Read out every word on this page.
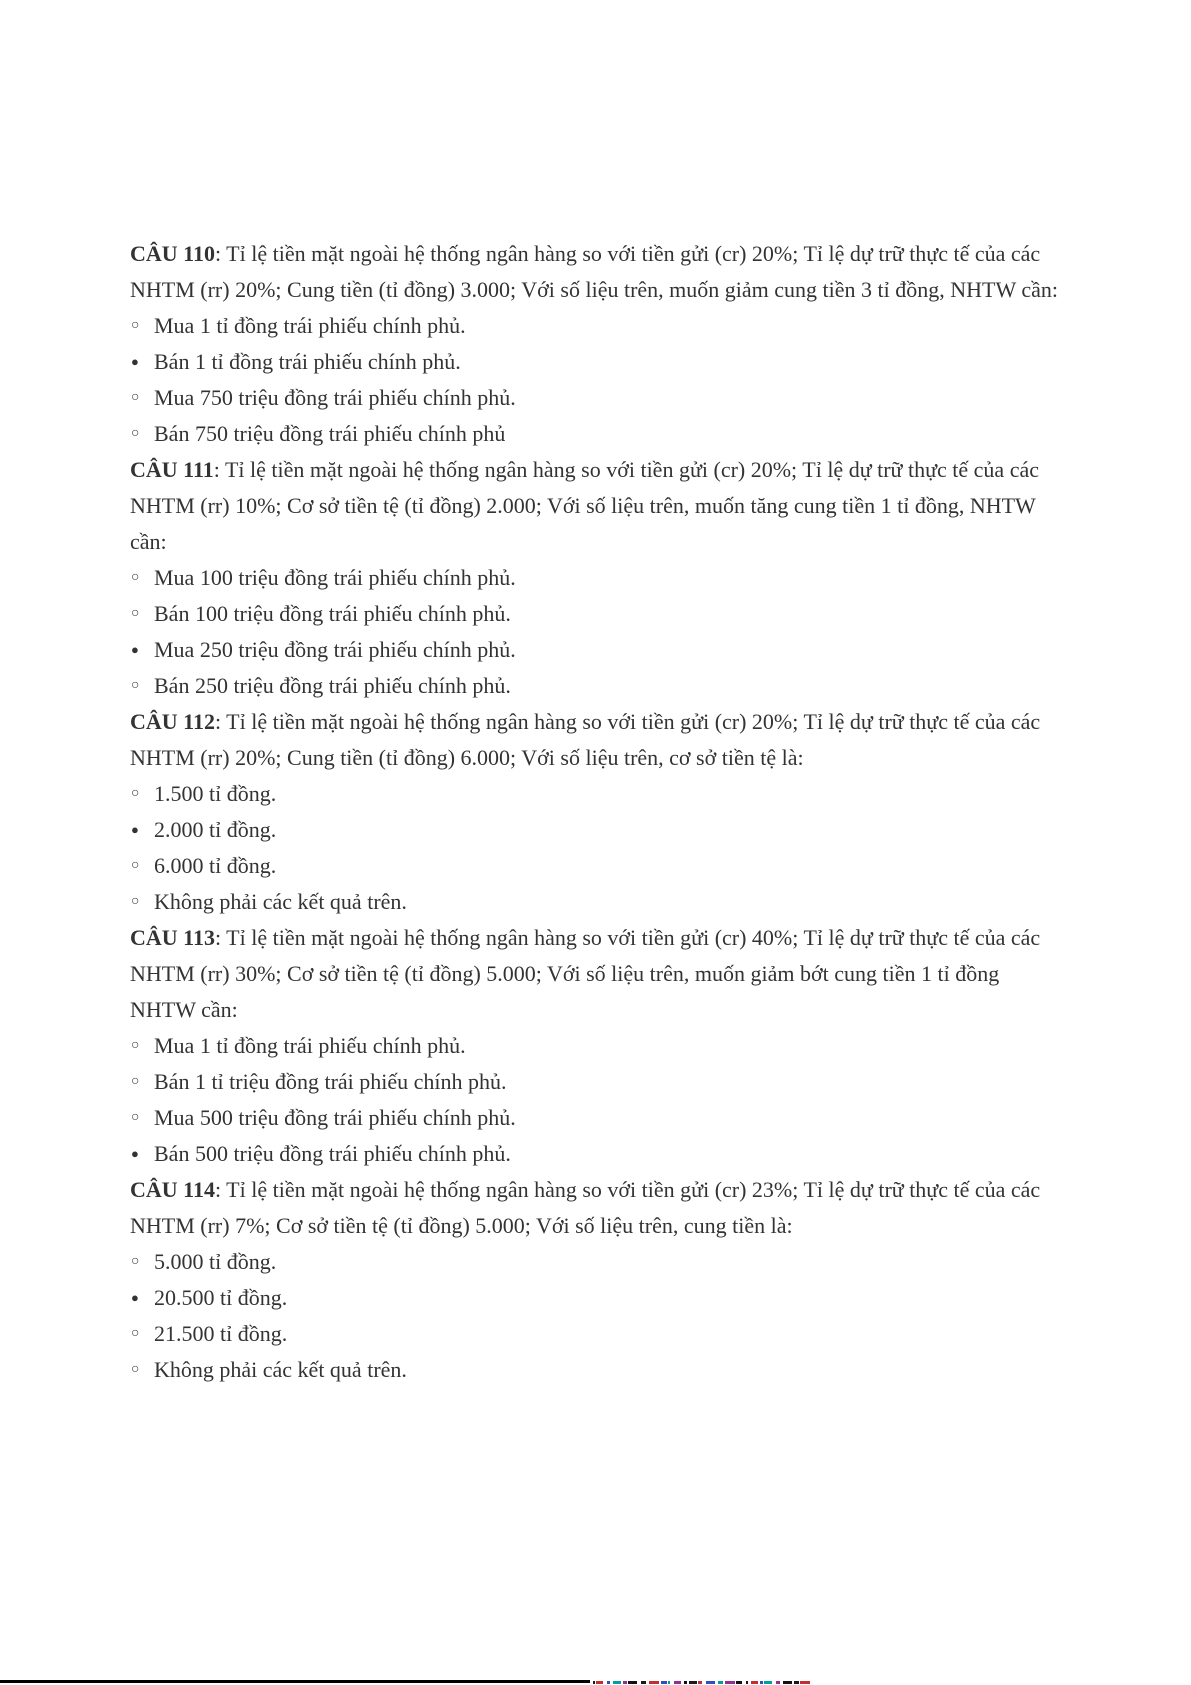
CÂU 110: Tỉ lệ tiền mặt ngoài hệ thống ngân hàng so với tiền gửi (cr) 20%; Tỉ lệ dự trữ thực tế của các
NHTM (rr) 20%; Cung tiền (tỉ đồng) 3.000; Với số liệu trên, muốn giảm cung tiền 3 tỉ đồng, NHTW cần:
○ Mua 1 tỉ đồng trái phiếu chính phủ.
● Bán 1 tỉ đồng trái phiếu chính phủ.
○ Mua 750 triệu đồng trái phiếu chính phủ.
○ Bán 750 triệu đồng trái phiếu chính phủ
CÂU 111: Tỉ lệ tiền mặt ngoài hệ thống ngân hàng so với tiền gửi (cr) 20%; Tỉ lệ dự trữ thực tế của các
NHTM (rr) 10%; Cơ sở tiền tệ (tỉ đồng) 2.000; Với số liệu trên, muốn tăng cung tiền 1 tỉ đồng, NHTW
cần:
○ Mua 100 triệu đồng trái phiếu chính phủ.
○ Bán 100 triệu đồng trái phiếu chính phủ.
● Mua 250 triệu đồng trái phiếu chính phủ.
○ Bán 250 triệu đồng trái phiếu chính phủ.
CÂU 112: Tỉ lệ tiền mặt ngoài hệ thống ngân hàng so với tiền gửi (cr) 20%; Tỉ lệ dự trữ thực tế của các
NHTM (rr) 20%; Cung tiền (tỉ đồng) 6.000; Với số liệu trên, cơ sở tiền tệ là:
○ 1.500 tỉ đồng.
● 2.000 tỉ đồng.
○ 6.000 tỉ đồng.
○ Không phải các kết quả trên.
CÂU 113: Tỉ lệ tiền mặt ngoài hệ thống ngân hàng so với tiền gửi (cr) 40%; Tỉ lệ dự trữ thực tế của các
NHTM (rr) 30%; Cơ sở tiền tệ (tỉ đồng) 5.000; Với số liệu trên, muốn giảm bớt cung tiền 1 tỉ đồng
NHTW cần:
○ Mua 1 tỉ đồng trái phiếu chính phủ.
○ Bán 1 tỉ triệu đồng trái phiếu chính phủ.
○ Mua 500 triệu đồng trái phiếu chính phủ.
● Bán 500 triệu đồng trái phiếu chính phủ.
CÂU 114: Tỉ lệ tiền mặt ngoài hệ thống ngân hàng so với tiền gửi (cr) 23%; Tỉ lệ dự trữ thực tế của các
NHTM (rr) 7%; Cơ sở tiền tệ (tỉ đồng) 5.000; Với số liệu trên, cung tiền là:
○ 5.000 tỉ đồng.
● 20.500 tỉ đồng.
○ 21.500 tỉ đồng.
○ Không phải các kết quả trên.
